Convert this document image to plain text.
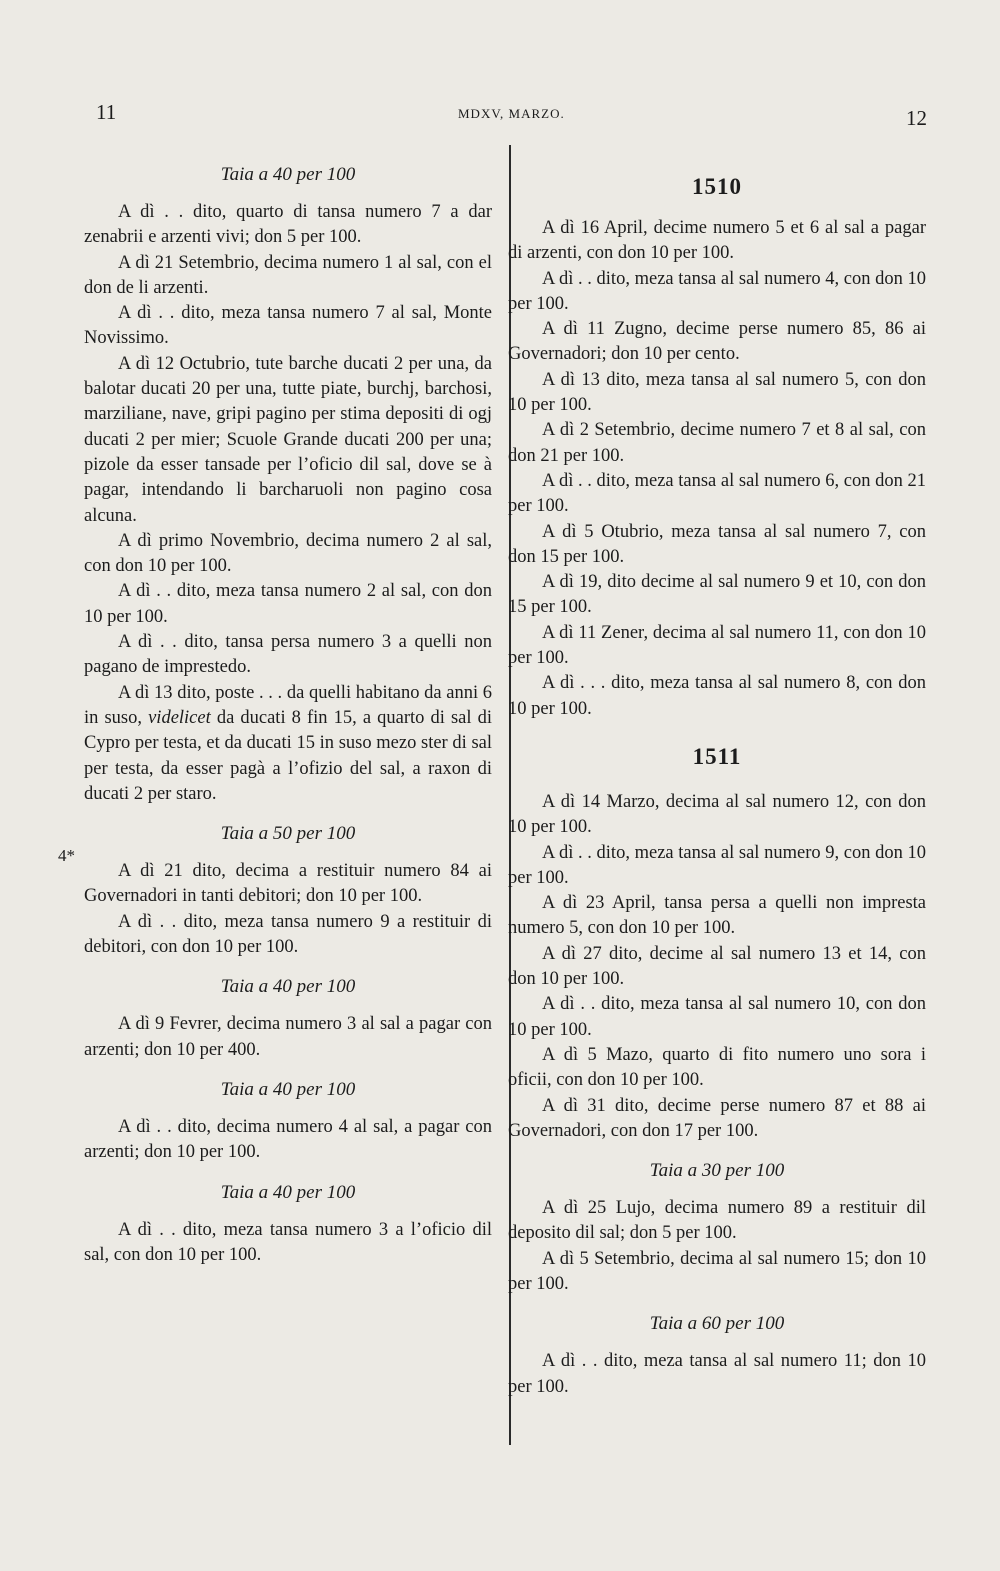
11	MDXV, MARZO.	12
4*
Taia a 40 per 100

A dì . . dito, quarto di tansa numero 7 a dar zenabrii e arzenti vivi; don 5 per 100.

A dì 21 Setembrio, decima numero 1 al sal, con el don de li arzenti.

A dì . . dito, meza tansa numero 7 al sal, Monte Novissimo.

A dì 12 Octubrio, tute barche ducati 2 per una, da balotar ducati 20 per una, tutte piate, burchj, barchosi, marziliane, nave, gripi pagino per stima depositi di ogj ducati 2 per mier; Scuole Grande ducati 200 per una; pizole da esser tansade per l’oficio dil sal, dove se à pagar, intendando li barcharuoli non pagino cosa alcuna.

A dì primo Novembrio, decima numero 2 al sal, con don 10 per 100.

A dì . . dito, meza tansa numero 2 al sal, con don 10 per 100.

A dì . . dito, tansa persa numero 3 a quelli non pagano de imprestedo.

A dì 13 dito, poste . . . da quelli habitano da anni 6 in suso, videlicet da ducati 8 fin 15, a quarto di sal di Cypro per testa, et da ducati 15 in suso mezo ster di sal per testa, da esser pagà a l’ofizio del sal, a raxon di ducati 2 per staro.

Taia a 50 per 100

A dì 21 dito, decima a restituir numero 84 ai Governadori in tanti debitori; don 10 per 100.

A dì . . dito, meza tansa numero 9 a restituir di debitori, con don 10 per 100.

Taia a 40 per 100

A dì 9 Fevrer, decima numero 3 al sal a pagar con arzenti; don 10 per 400.

Taia a 40 per 100

A dì . . dito, decima numero 4 al sal, a pagar con arzenti; don 10 per 100.

Taia a 40 per 100

A dì . . dito, meza tansa numero 3 a l’oficio dil sal, con don 10 per 100.

1510

A dì 16 April, decime numero 5 et 6 al sal a pagar di arzenti, con don 10 per 100.

A dì . . dito, meza tansa al sal numero 4, con don 10 per 100.

A dì 11 Zugno, decime perse numero 85, 86 ai Governadori; don 10 per cento.

A dì 13 dito, meza tansa al sal numero 5, con don 10 per 100.

A dì 2 Setembrio, decime numero 7 et 8 al sal, con don 21 per 100.

A dì . . dito, meza tansa al sal numero 6, con don 21 per 100.

A dì 5 Otubrio, meza tansa al sal numero 7, con don 15 per 100.

A dì 19, dito decime al sal numero 9 et 10, con don 15 per 100.

A dì 11 Zener, decima al sal numero 11, con don 10 per 100.

A dì . . . dito, meza tansa al sal numero 8, con don 10 per 100.

1511

A dì 14 Marzo, decima al sal numero 12, con don 10 per 100.

A dì . . dito, meza tansa al sal numero 9, con don 10 per 100.

A dì 23 April, tansa persa a quelli non impresta numero 5, con don 10 per 100.

A dì 27 dito, decime al sal numero 13 et 14, con don 10 per 100.

A dì . . dito, meza tansa al sal numero 10, con don 10 per 100.

A dì 5 Mazo, quarto di fito numero uno sora i oficii, con don 10 per 100.

A dì 31 dito, decime perse numero 87 et 88 ai Governadori, con don 17 per 100.

Taia a 30 per 100

A dì 25 Lujo, decima numero 89 a restituir dil deposito dil sal; don 5 per 100.

A dì 5 Setembrio, decima al sal numero 15; don 10 per 100.

Taia a 60 per 100

A dì . . dito, meza tansa al sal numero 11; don 10 per 100.
